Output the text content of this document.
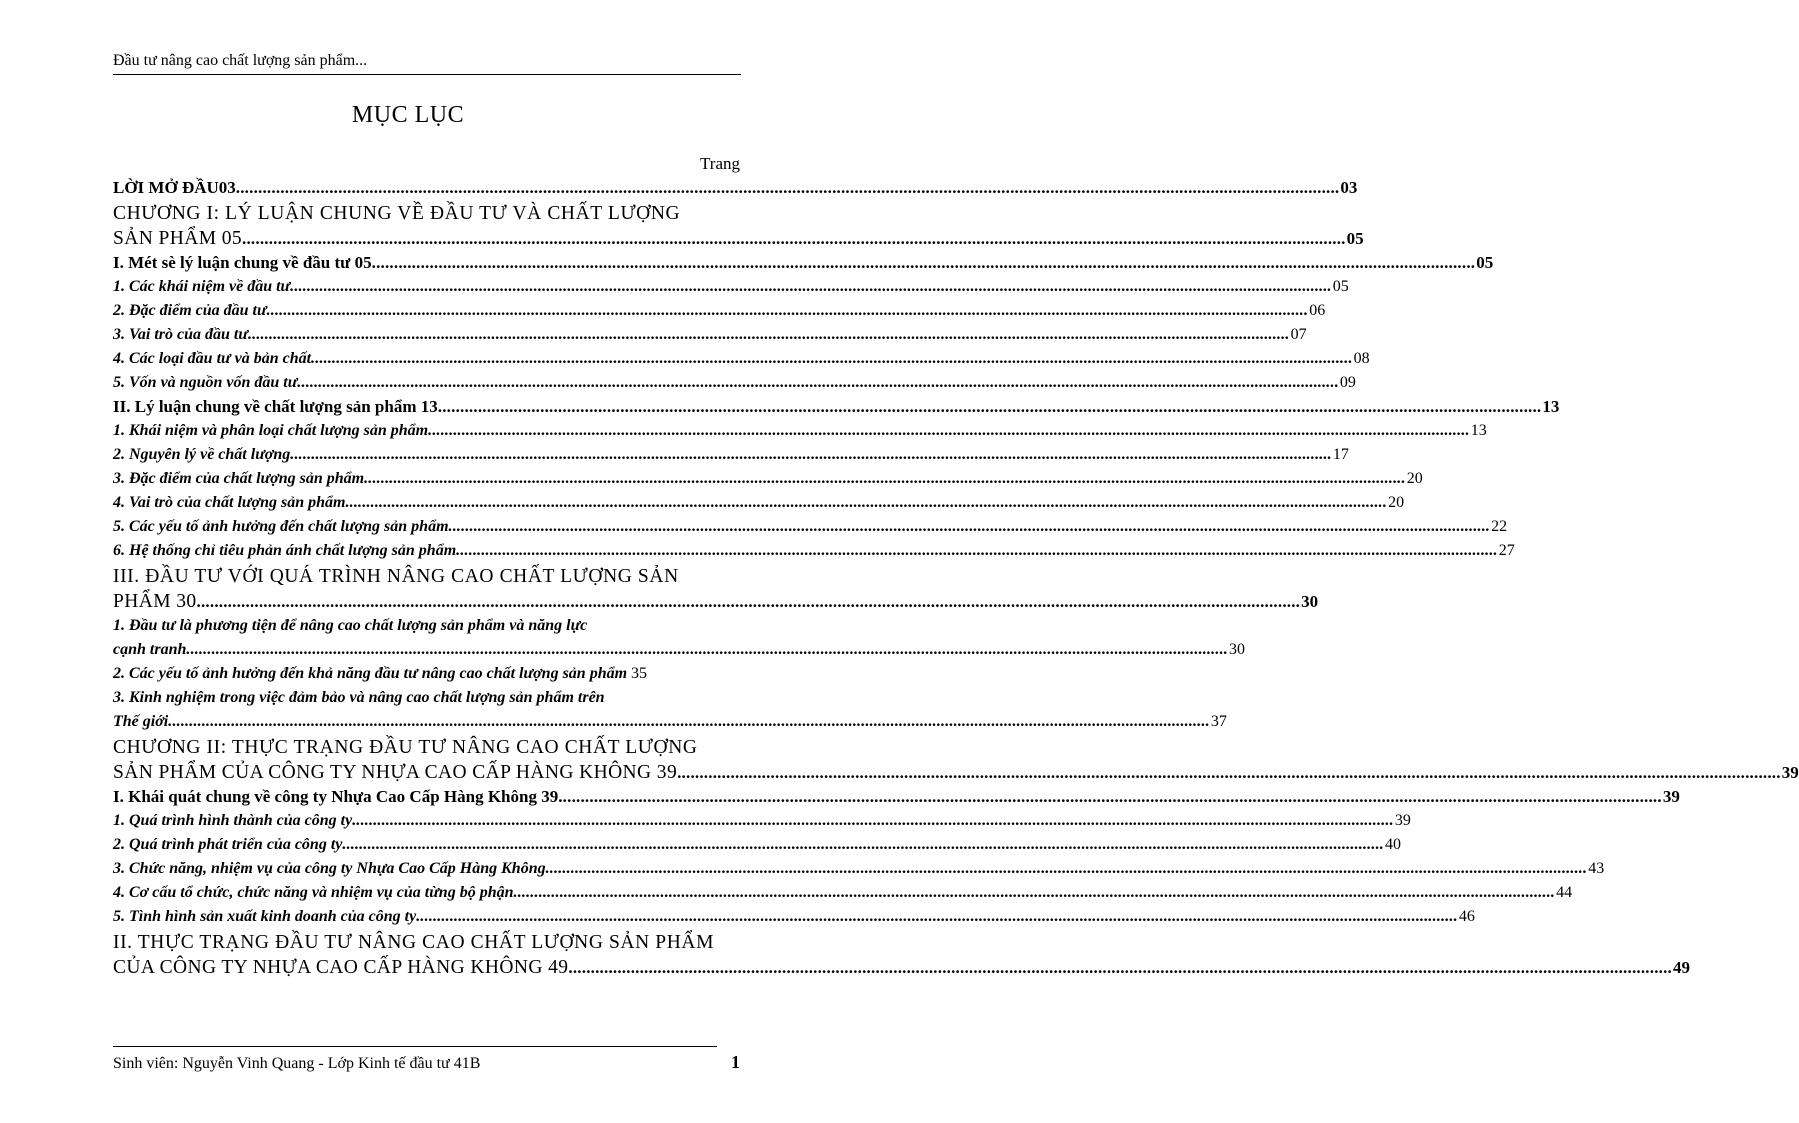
Đầu tư nâng cao chất lượng sản phẩm...
MỤC LỤC
Trang
LỜI MỞ ĐẦU03 .....	03
CHƯƠNG I: LÝ LUẬN CHUNG VỀ ĐẦU TƯ VÀ CHẤT LƯỢNG
SẢN PHẨM 05 .....	05
I. Mét sè lý luận chung về đầu tư 05 .....	05
1. Các khái niệm về đầu tư .....	05
2. Đặc điểm của đầu tư .....	06
3. Vai trò của đầu tư .....	07
4. Các loại đầu tư và bản chất .....	08
5. Vốn và nguồn vốn đầu tư .....	09
II. Lý luận chung về chất lượng sản phẩm 13 .....	13
1. Khái niệm và phân loại chất lượng sản phẩm .....	13
2. Nguyên lý về chất lượng .....	17
3. Đặc điểm của chất lượng sản phẩm .....	20
4. Vai trò của chất lượng sản phẩm .....	20
5. Các yếu tố ảnh hưởng đến chất lượng sản phẩm .....	22
6. Hệ thống chỉ tiêu phản ánh chất lượng sản phẩm .....	27
III. ĐẦU TƯ VỚI QUÁ TRÌNH NÂNG CAO CHẤT LƯỢNG SẢN
PHẨM 30 .....	30
1. Đầu tư là phương tiện để nâng cao chất lượng sản phẩm và năng lực
cạnh tranh .....	30
2. Các yếu tố ảnh hưởng đến khả năng đầu tư nâng cao chất lượng sản phẩm 35
3. Kinh nghiệm trong việc đảm bảo và nâng cao chất lượng sản phẩm trên
Thế giới .....	37
CHƯƠNG II: THỰC TRẠNG ĐẦU TƯ NÂNG CAO CHẤT LƯỢNG
SẢN PHẨM CỦA CÔNG TY NHỰA CAO CẤP HÀNG KHÔNG 39 .....	39
I. Khái quát chung về công ty Nhựa Cao Cấp Hàng Không 39 .....	39
1. Quá trình hình thành của công ty .....	39
2. Quá trình phát triển của công ty .....	40
3. Chức năng, nhiệm vụ của công ty Nhựa Cao Cấp Hàng Không .....	43
4. Cơ cấu tổ chức, chức năng và nhiệm vụ của từng bộ phận .....	44
5. Tình hình sản xuất kinh doanh của công ty .....	46
II. THỰC TRẠNG ĐẦU TƯ NÂNG CAO CHẤT LƯỢNG SẢN PHẨM
CỦA CÔNG TY NHỰA CAO CẤP HÀNG KHÔNG 49 .....	49
Sinh viên: Nguyễn Vinh Quang - Lớp Kinh tế đầu tư 41B	1
